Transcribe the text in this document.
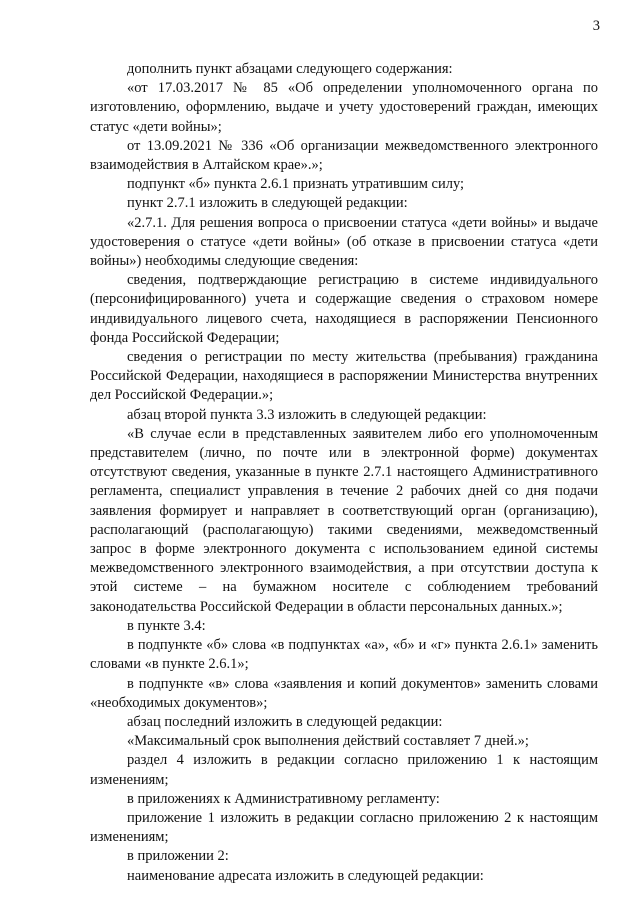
3

дополнить пункт абзацами следующего содержания:

«от 17.03.2017 № 85 «Об определении уполномоченного органа по изготовлению, оформлению, выдаче и учету удостоверений граждан, имеющих статус «дети войны»;

от 13.09.2021 № 336 «Об организации межведомственного электронного взаимодействия в Алтайском крае».»;

подпункт «б» пункта 2.6.1 признать утратившим силу;

пункт 2.7.1 изложить в следующей редакции:

«2.7.1. Для решения вопроса о присвоении статуса «дети войны» и выдаче удостоверения о статусе «дети войны» (об отказе в присвоении статуса «дети войны») необходимы следующие сведения:

сведения, подтверждающие регистрацию в системе индивидуального (персонифицированного) учета и содержащие сведения о страховом номере индивидуального лицевого счета, находящиеся в распоряжении Пенсионного фонда Российской Федерации;

сведения о регистрации по месту жительства (пребывания) гражданина Российской Федерации, находящиеся в распоряжении Министерства внутренних дел Российской Федерации.»;

абзац второй пункта 3.3 изложить в следующей редакции:

«В случае если в представленных заявителем либо его уполномоченным представителем (лично, по почте или в электронной форме) документах отсутствуют сведения, указанные в пункте 2.7.1 настоящего Административного регламента, специалист управления в течение 2 рабочих дней со дня подачи заявления формирует и направляет в соответствующий орган (организацию), располагающий (располагающую) такими сведениями, межведомственный запрос в форме электронного документа с использованием единой системы межведомственного электронного взаимодействия, а при отсутствии доступа к этой системе – на бумажном носителе с соблюдением требований законодательства Российской Федерации в области персональных данных.»;

в пункте 3.4:

в подпункте «б» слова «в подпунктах «а», «б» и «г» пункта 2.6.1» заменить словами «в пункте 2.6.1»;

в подпункте «в» слова «заявления и копий документов» заменить словами «необходимых документов»;

абзац последний изложить в следующей редакции:

«Максимальный срок выполнения действий составляет 7 дней.»;

раздел 4 изложить в редакции согласно приложению 1 к настоящим изменениям;

в приложениях к Административному регламенту:

приложение 1 изложить в редакции согласно приложению 2 к настоящим изменениям;

в приложении 2:

наименование адресата изложить в следующей редакции:
